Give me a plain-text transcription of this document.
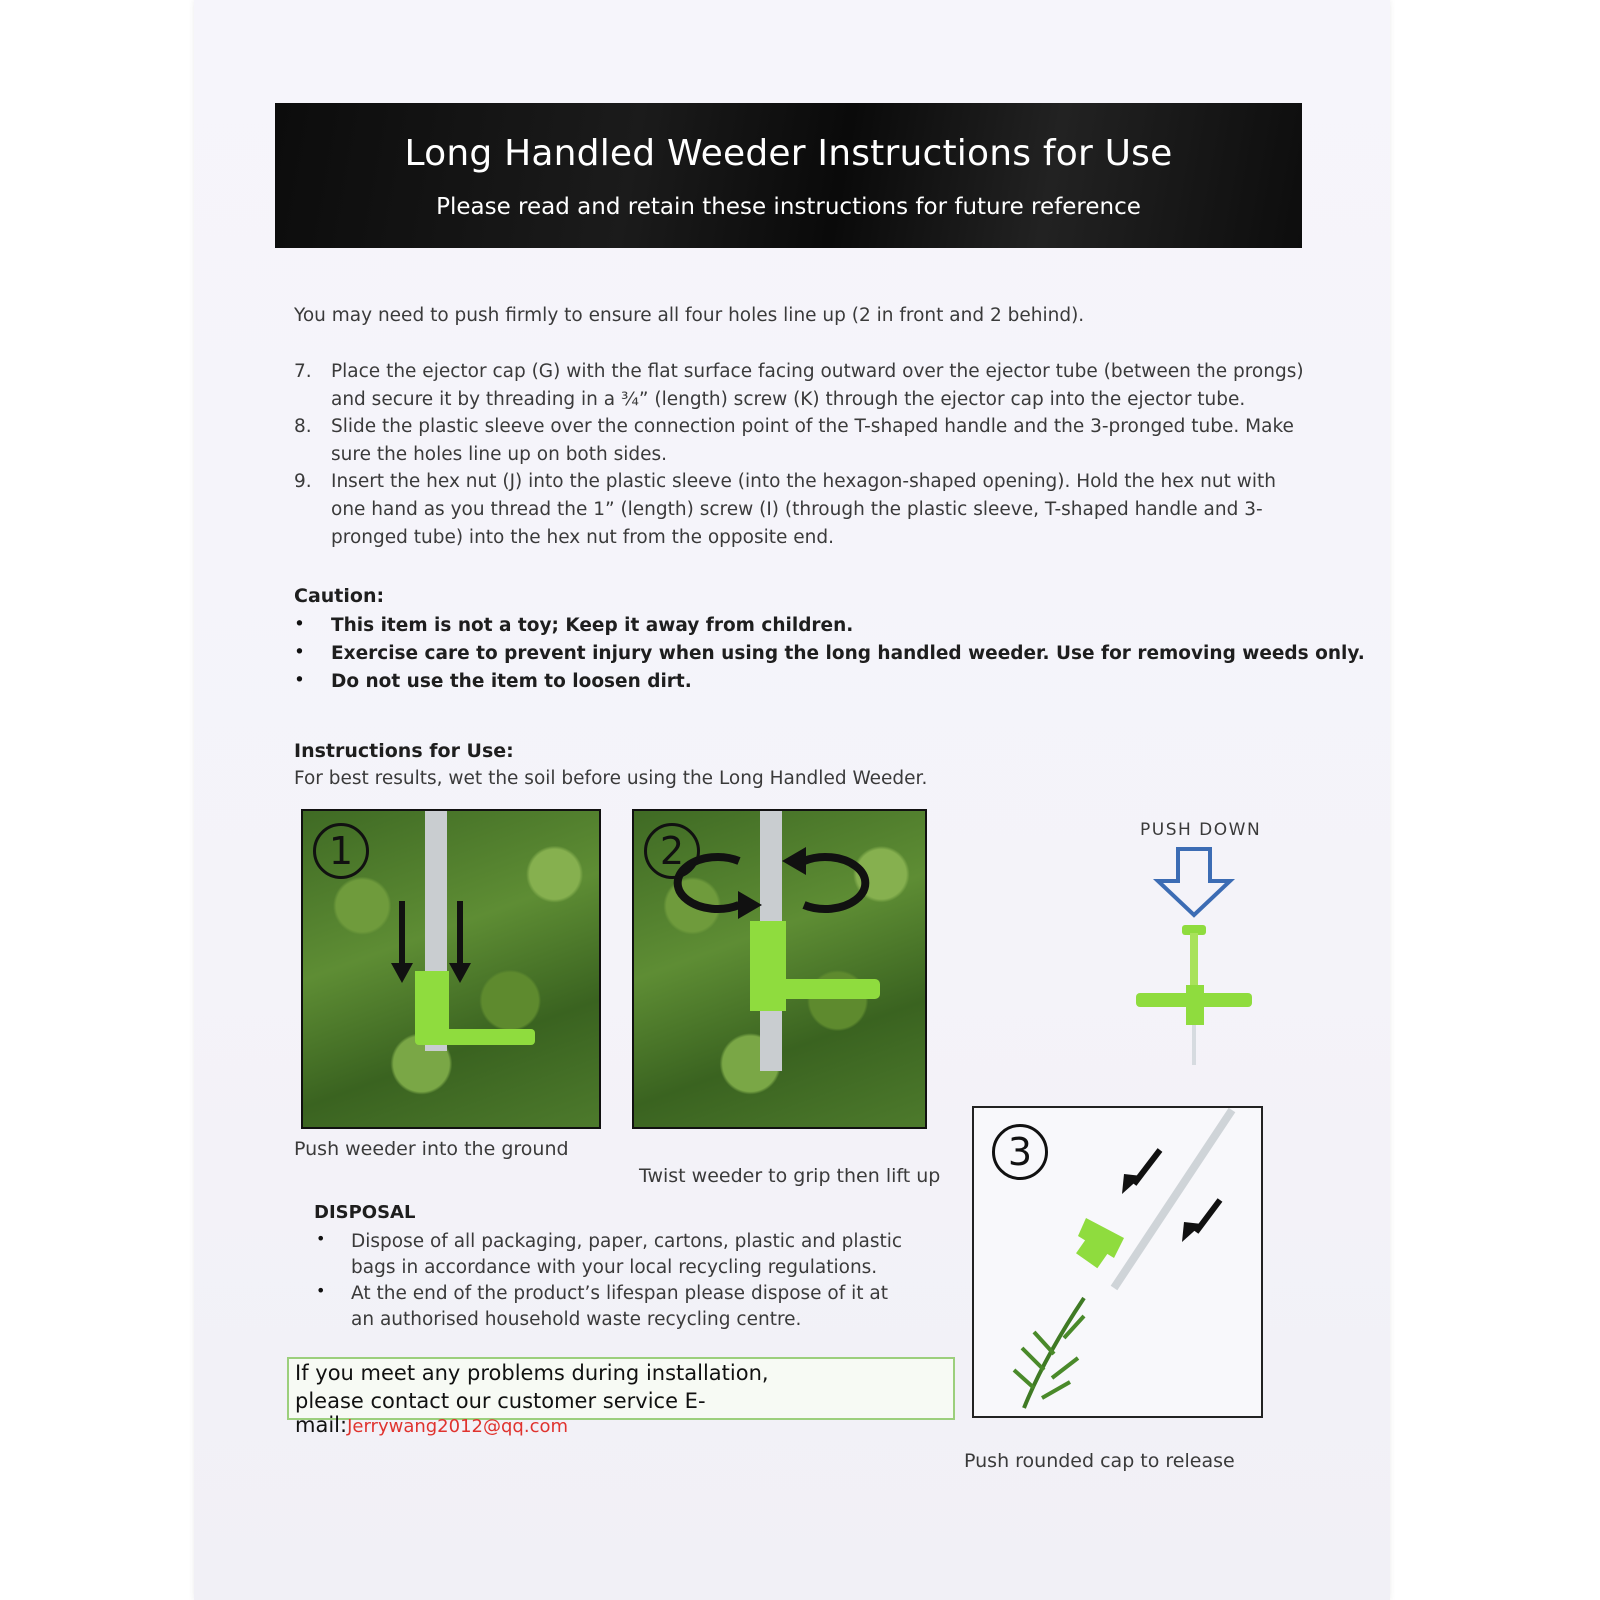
Long Handled Weeder Instructions for Use
Please read and retain these instructions for future reference
You may need to push firmly to ensure all four holes line up (2 in front and 2 behind).
7. Place the ejector cap (G) with the flat surface facing outward over the ejector tube (between the prongs)
and secure it by threading in a ¾” (length) screw (K) through the ejector cap into the ejector tube.
8. Slide the plastic sleeve over the connection point of the T-shaped handle and the 3-pronged tube. Make
sure the holes line up on both sides.
9. Insert the hex nut (J) into the plastic sleeve (into the hexagon-shaped opening). Hold the hex nut with
one hand as you thread the 1” (length) screw (I) (through the plastic sleeve, T-shaped handle and 3-
pronged tube) into the hex nut from the opposite end.
Caution:
• This item is not a toy; Keep it away from children.
• Exercise care to prevent injury when using the long handled weeder. Use for removing weeds only.
• Do not use the item to loosen dirt.
Instructions for Use:
For best results, wet the soil before using the Long Handled Weeder.
1
Push weeder into the ground
2
Twist weeder to grip then lift up
PUSH DOWN
3
Push rounded cap to release
DISPOSAL
• Dispose of all packaging, paper, cartons, plastic and plastic
bags in accordance with your local recycling regulations.
• At the end of the product’s lifespan please dispose of it at
an authorised household waste recycling centre.
If you meet any problems during installation,
please contact our customer service E-mail:Jerrywang2012@qq.com
